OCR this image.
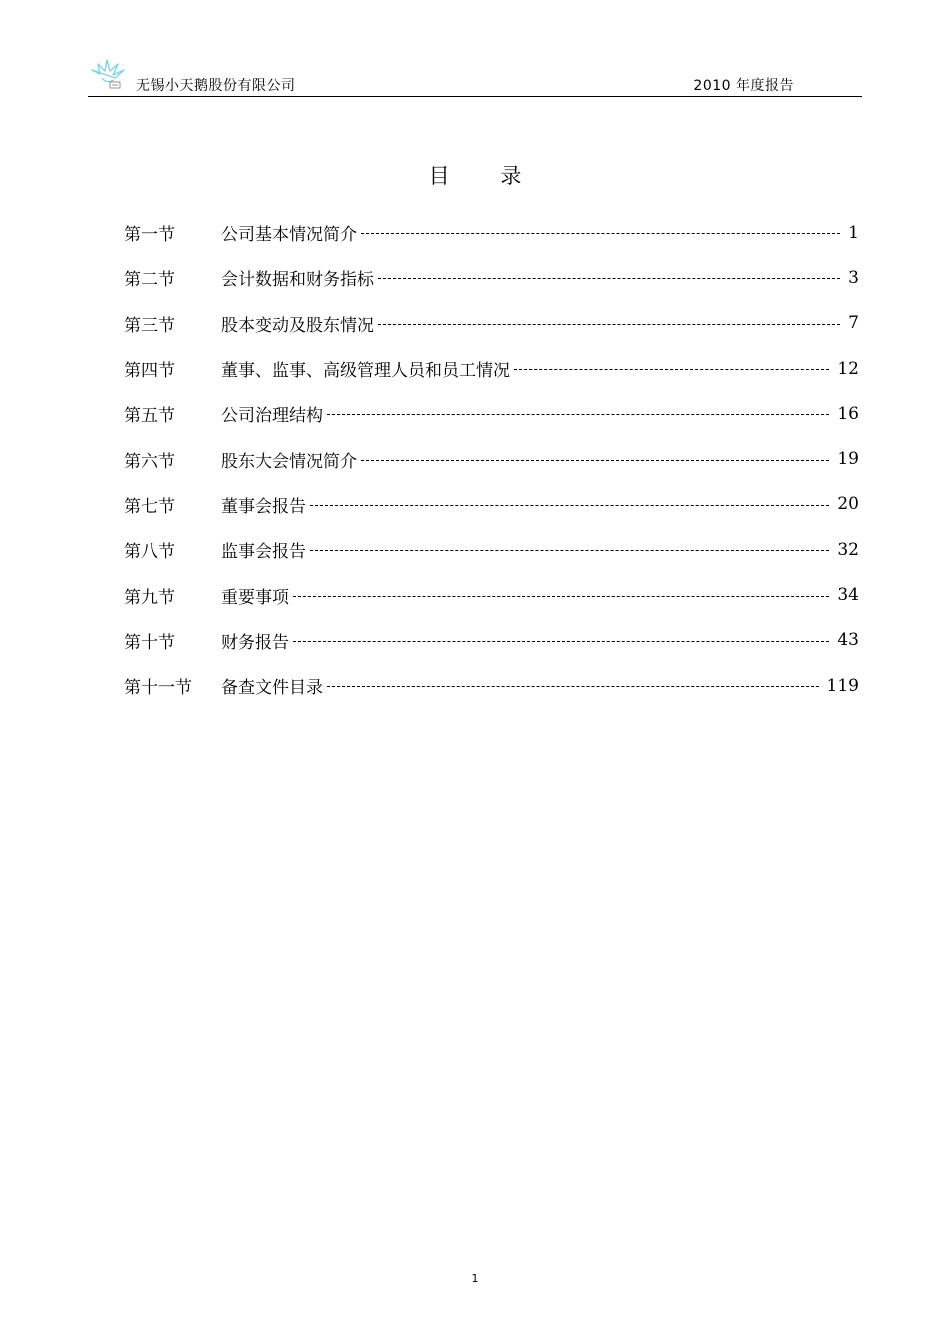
无锡小天鹅股份有限公司	2010 年度报告
目 录
第一节	公司基本情况简介	1
第二节	会计数据和财务指标	3
第三节	股本变动及股东情况	7
第四节	董事、监事、高级管理人员和员工情况	12
第五节	公司治理结构	16
第六节	股东大会情况简介	19
第七节	董事会报告	20
第八节	监事会报告	32
第九节	重要事项	34
第十节	财务报告	43
第十一节	备查文件目录	119
1
